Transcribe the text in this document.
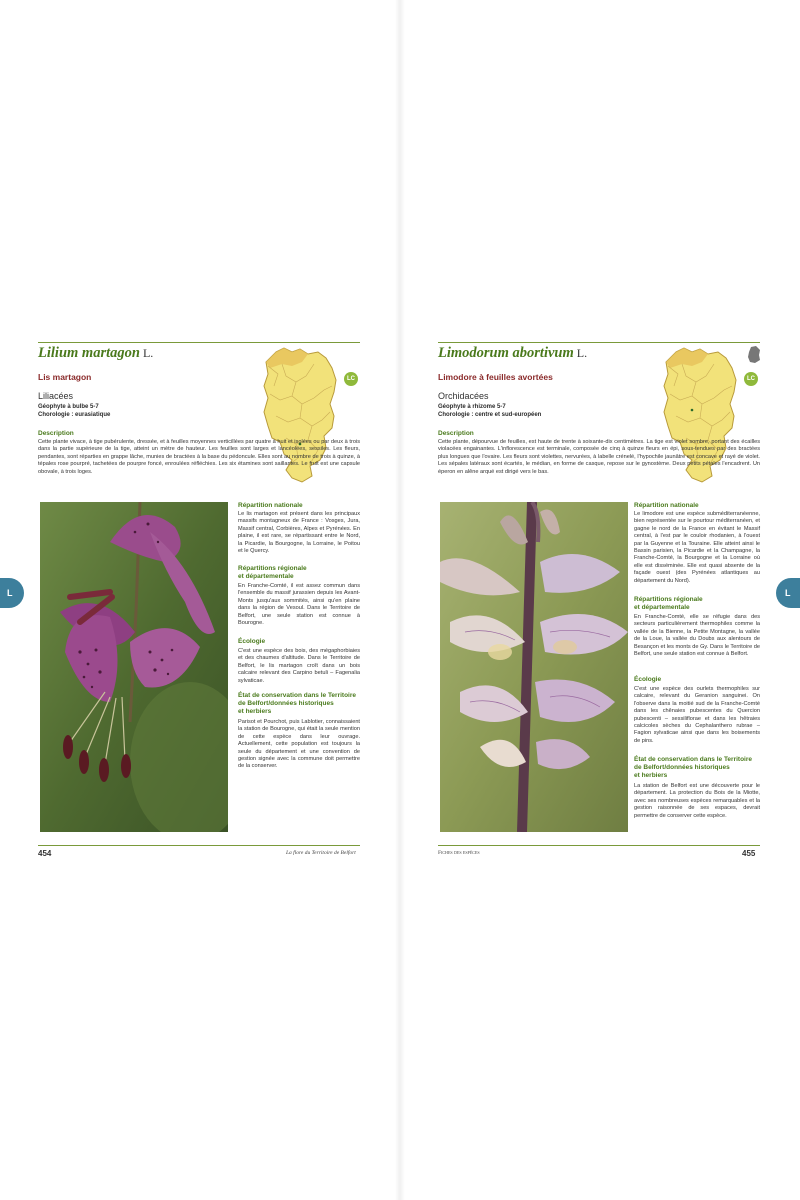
Lilium martagon L.
Lis martagon
Liliacées
Géophyte à bulbe 5-7
Chorologie : eurasiatique
LC
Description
Cette plante vivace, à tige pubérulente, dressée, et à feuilles moyennes verticillées par quatre à huit et isolées ou par deux à trois dans la partie supérieure de la tige, atteint un mètre de hauteur. Les feuilles sont larges et lancéolées, sessiles. Les fleurs, pendantes, sont réparties en grappe lâche, munies de bractées à la base du pédoncule. Elles sont au nombre de trois à quinze, à tépales rose pourpré, tachetées de pourpre foncé, enroulées réfléchies. Les six étamines sont saillantes. Le fruit est une capsule obovale, à trois loges.
Répartition nationale
Le lis martagon est présent dans les principaux massifs montagneux de France : Vosges, Jura, Massif central, Corbières, Alpes et Pyrénées. En plaine, il est rare, se répartissant entre le Nord, la Picardie, la Bourgogne, la Lorraine, le Poitou et le Quercy.
Répartitions régionale
et départementale
En Franche-Comté, il est assez commun dans l'ensemble du massif jurassien depuis les Avant-Monts jusqu'aux sommités, ainsi qu'en plaine dans la région de Vesoul. Dans le Territoire de Belfort, une seule station est connue à Bourogne.
Écologie
C'est une espèce des bois, des mégaphorbiaies et des chaumes d'altitude. Dans le Territoire de Belfort, le lis martagon croît dans un bois calcaire relevant des Carpino betuli – Fagenalia sylvaticae.
État de conservation dans le Territoire
de Belfort/données historiques
et herbiers
Parisot et Pourchot, puis Lablotier, connaissaient la station de Bourogne, qui était la seule mention de cette espèce dans leur ouvrage. Actuellement, cette population est toujours la seule du département et une convention de gestion signée avec la commune doit permettre de la conserver.
454	La flore du Territoire de Belfort
L
Limodorum abortivum L.
Limodore à feuilles avortées
Orchidacées
Géophyte à rhizome 5-7
Chorologie : centre et sud-européen
LC
Description
Cette plante, dépourvue de feuilles, est haute de trente à soixante-dix centimètres. La tige est violet sombre, portant des écailles violacées engainantes. L'inflorescence est terminale, composée de cinq à quinze fleurs en épi, sous-tendues par des bractées plus longues que l'ovaire. Les fleurs sont violettes, nervurées, à labelle crénelé, l'hypochile jaunâtre est concave et rayé de violet. Les sépales latéraux sont écartés, le médian, en forme de casque, repose sur le gynostème. Deux petits pétales l'encadrent. Un éperon en alêne arqué est dirigé vers le bas.
Répartition nationale
Le limodore est une espèce subméditerranéenne, bien représentée sur le pourtour méditerranéen, et gagne le nord de la France en évitant le Massif central, à l'est par le couloir rhodanien, à l'ouest par la Guyenne et la Touraine. Elle atteint ainsi le Bassin parisien, la Picardie et la Champagne, la Franche-Comté, la Bourgogne et la Lorraine où elle est disséminée. Elle est quasi absente de la façade ouest (des Pyrénées atlantiques au département du Nord).
Répartitions régionale
et départementale
En Franche-Comté, elle se réfugie dans des secteurs particulièrement thermophiles comme la vallée de la Bienne, la Petite Montagne, la vallée de la Loue, la vallée du Doubs aux alentours de Besançon et les monts de Gy. Dans le Territoire de Belfort, une seule station est connue à Belfort.
Écologie
C'est une espèce des ourlets thermophiles sur calcaire, relevant du Geranion sanguinei. On l'observe dans la moitié sud de la Franche-Comté dans les chênaies pubescentes du Quercion pubescenti – sessiliflorae et dans les hêtraies calcicoles sèches du Cephalanthero rubrae – Fagion sylvaticae ainsi que dans les boisements de pins.
État de conservation dans le Territoire
de Belfort/données historiques
et herbiers
La station de Belfort est une découverte pour le département. La protection du Bois de la Miotte, avec ses nombreuses espèces remarquables et la gestion raisonnée de ses espaces, devrait permettre de conserver cette espèce.
Fiches des espèces	455
L
